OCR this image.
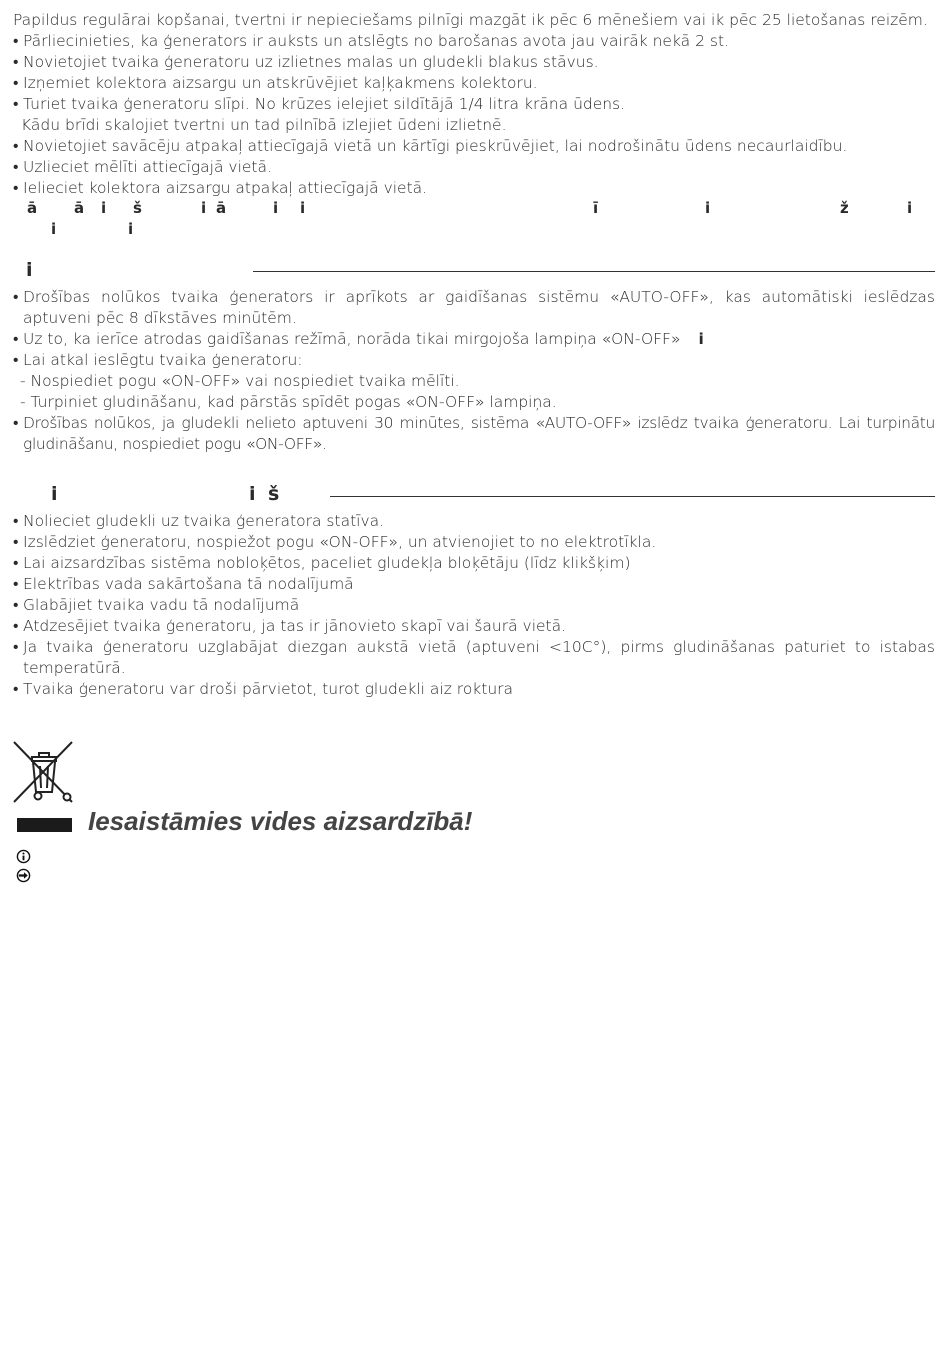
Papildus regulārai kopšanai, tvertni ir nepieciešams pilnīgi mazgāt ik pēc 6 mēnešiem vai ik pēc 25 lietošanas reizēm.
• Pārliecinieties, ka ģenerators ir auksts un atslēgts no barošanas avota jau vairāk nekā 2 st.
• Novietojiet tvaika ģeneratoru uz izlietnes malas un gludekli blakus stāvus.
• Izņemiet kolektora aizsargu un atskrūvējiet kaļķakmens kolektoru.
• Turiet tvaika ģeneratoru slīpi. No krūzes ielejiet sildītājā 1/4 litra krāna ūdens.
Kādu brīdi skalojiet tvertni un tad pilnībā izlejiet ūdeni izlietnē.
• Novietojiet savācēju atpakaļ attiecīgajā vietā un kārtīgi pieskrūvējiet, lai nodrošinātu ūdens necaurlaidību.
• Uzlieciet mēlīti attiecīgajā vietā.
• Ielieciet kolektora aizsargu atpakaļ attiecīgajā vietā.
ā ā i š	i ā	i i	ī	i	ž	i
i	i
i
• Drošības nolūkos tvaika ģenerators ir aprīkots ar gaidīšanas sistēmu «AUTO-OFF», kas automātiski ieslēdzas aptuveni pēc 8 dīkstāves minūtēm.
• Uz to, ka ierīce atrodas gaidīšanas režīmā, norāda tikai mirgojoša lampiņa «ON-OFF» i
• Lai atkal ieslēgtu tvaika ģeneratoru:
- Nospiediet pogu «ON-OFF» vai nospiediet tvaika mēlīti.
- Turpiniet gludināšanu, kad pārstās spīdēt pogas «ON-OFF» lampiņa.
• Drošības nolūkos, ja gludekli nelieto aptuveni 30 minūtes, sistēma «AUTO-OFF» izslēdz tvaika ģeneratoru. Lai turpinātu gludināšanu, nospiediet pogu «ON-OFF».
i	i š
• Nolieciet gludekli uz tvaika ģeneratora statīva.
• Izslēdziet ģeneratoru, nospiežot pogu «ON-OFF», un atvienojiet to no elektrotīkla.
• Lai aizsardzības sistēma nobloķētos, paceliet gludekļa bloķētāju (līdz klikšķim)
• Elektrības vada sakārtošana tā nodalījumā
• Glabājiet tvaika vadu tā nodalījumā
• Atdzesējiet tvaika ģeneratoru, ja tas ir jānovieto skapī vai šaurā vietā.
• Ja tvaika ģeneratoru uzglabājat diezgan aukstā vietā (aptuveni <10C°), pirms gludināšanas paturiet to istabas temperatūrā.
• Tvaika ģeneratoru var droši pārvietot, turot gludekli aiz roktura
Iesaistāmies vides aizsardzībā!
